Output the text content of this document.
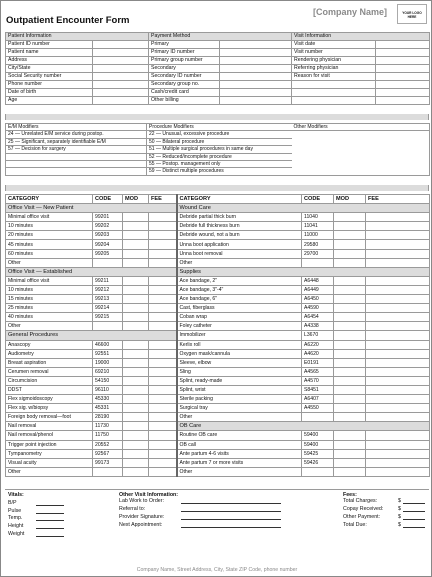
Outpatient Encounter Form
[Company Name]	YOUR LOGO HERE
Patient Information		Payment Method		Visit Information	
Patient ID number		Primary		Visit date	
Patient name		Primary ID number		Visit number	
Address		Primary group number		Rendering physician	
City/State		Secondary		Referring physician	
Social Security number		Secondary ID number		Reason for visit	
Phone number		Secondary group no.			
Date of birth		Cash/credit card			
Age		Other billing			
E/M Modifiers	Procedure Modifiers	Other Modifiers
24 — Unrelated E/M service during postop.	22 — Unusual, excessive procedure	
25 — Significant, separately identifiable E/M	50 — Bilateral procedure	
57 — Decision for surgery	51 — Multiple surgical procedures in same day	
	52 — Reduced/incomplete procedure	
	55 — Postop. management only	
	59 — Distinct multiple procedures	
CATEGORY	CODE	MOD	FEE	CATEGORY	CODE	MOD	FEE
Office Visit — New Patient				Wound Care			
Minimal office visit	99201			Debride partial thick burn	11040		
10 minutes	99202			Debride full thickness burn	11041		
20 minutes	99203			Debride wound, not a burn	11000		
45 minutes	99204			Unna boot application	29580		
60 minutes	99205			Unna boot removal	29700		
Other				Other			
Office Visit — Established				Supplies			
Minimal office visit	99211			Ace bandage, 2"	A6448		
10 minutes	99212			Ace bandage, 3"-4"	A6449		
15 minutes	99213			Ace bandage, 6"	A6450		
25 minutes	99214			Cast, fiberglass	A4590		
40 minutes	99215			Coban wrap	A6454		
Other				Foley catheter	A4338		
General Procedures				Immobilizer	L3670		
Anascopy	46600			Kerlix roll	A6220		
Audiometry	92551			Oxygen mask/cannula	A4620		
Breast aspiration	19000			Sleeve, elbow	E0191		
Cerumen removal	69210			Sling	A4565		
Circumcision	54150			Splint, ready-made	A4570		
DDST	96110			Splint, wrist	S8451		
Flex sigmoidoscopy	45330			Sterile packing	A6407		
Flex sig. w/biopsy	45331			Surgical tray	A4550		
Foreign body removal—foot	28190			Other			
Nail removal	11730			OB Care			
Nail removal/phenol	11750			Routine OB care	59400		
Trigger point injection	20552			OB call	59400		
Tympanometry	92567			Ante partum 4-6 visits	59425		
Visual acuity	99173			Ante partum 7 or more visits	59426		
Other				Other			
Vitals:
B/P
Pulse
Temp.
Height
Weight
Other Visit Information:
Lab Work to Order:
Referral to:
Provider Signature:
Next Appointment:
Fees:
Total Charges:	$
Copay Received:	$
Other Payment:	$
Total Due:	$
Company Name, Street Address, City, State ZIP Code, phone number
